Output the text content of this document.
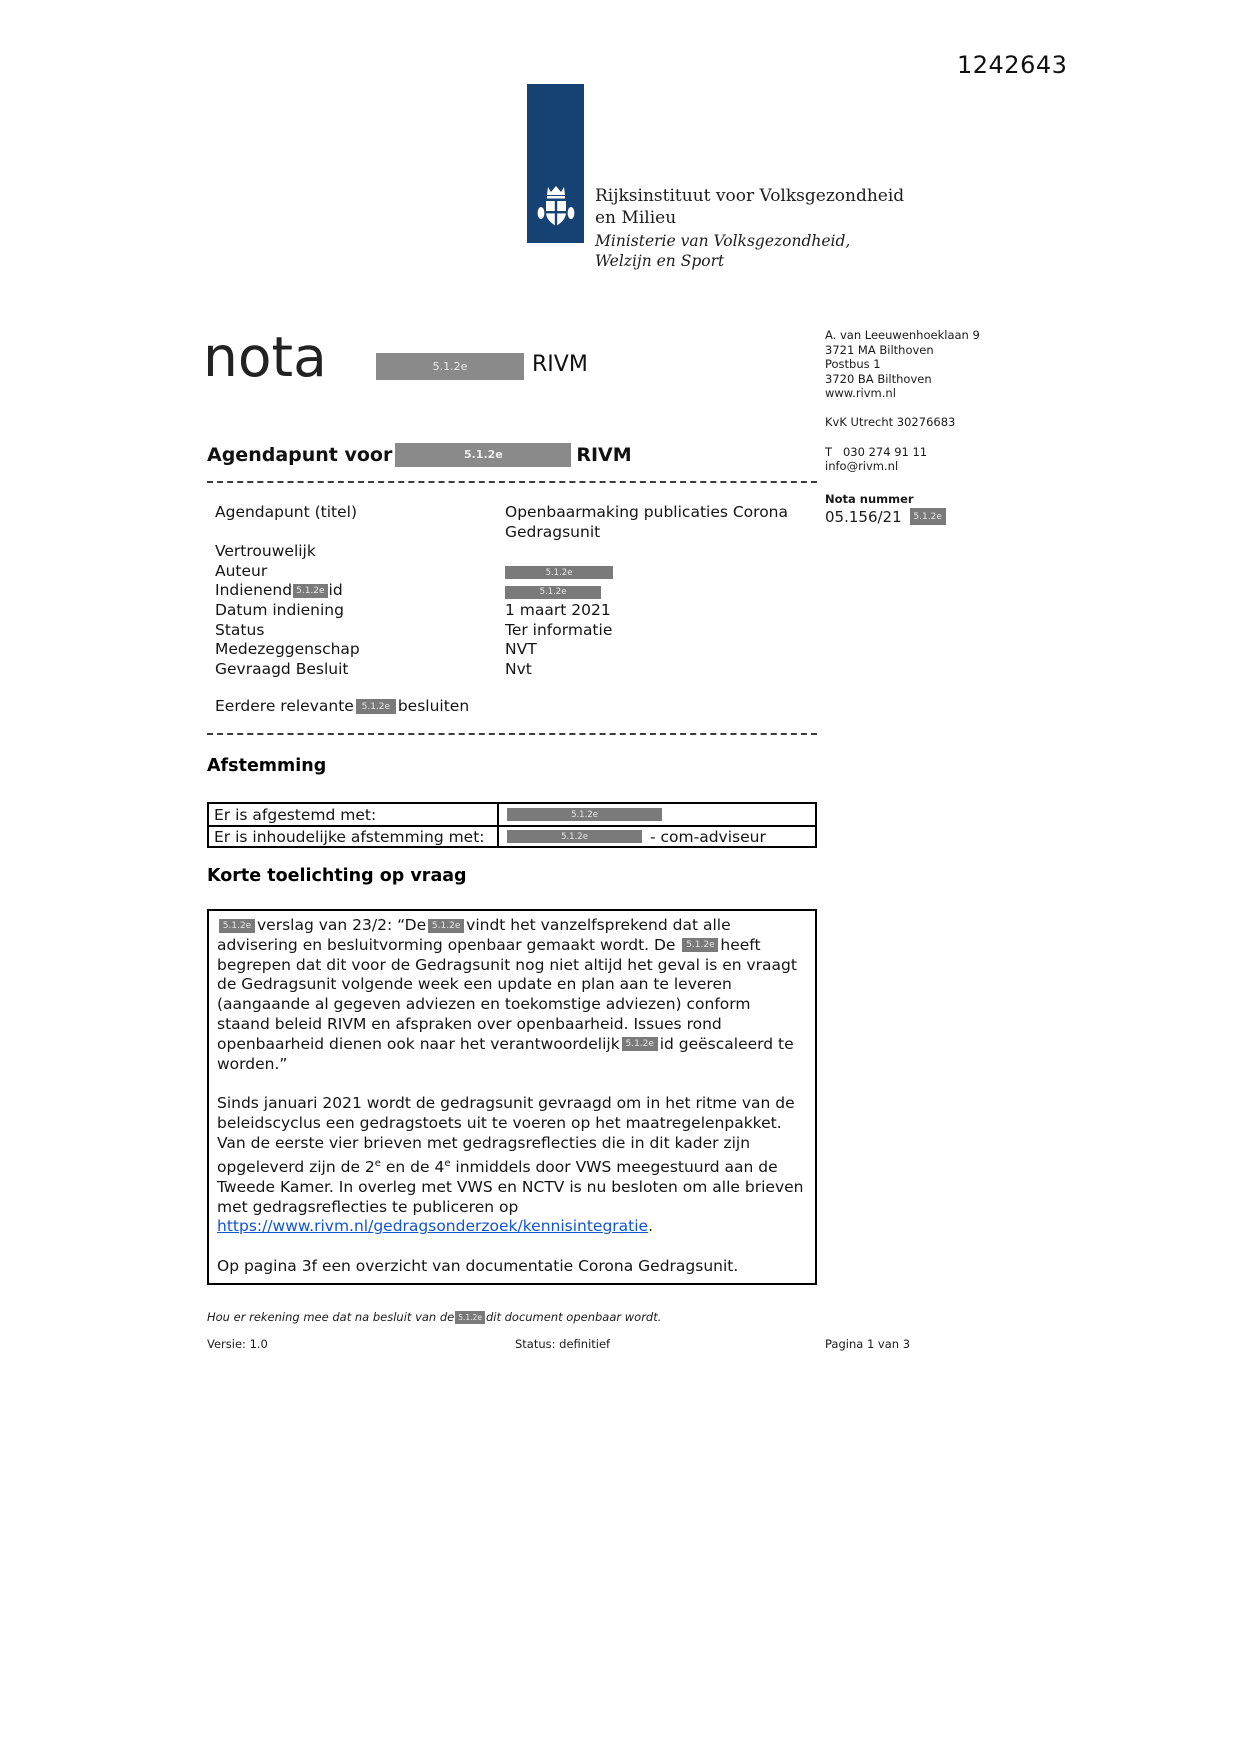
1242643
Rijksinstituut voor Volksgezondheid
en Milieu
Ministerie van Volksgezondheid,
Welzijn en Sport
nota	5.1.2e	RIVM
A. van Leeuwenhoeklaan 9
3721 MA Bilthoven
Postbus 1
3720 BA Bilthoven
www.rivm.nl
KvK Utrecht 30276683
T   030 274 91 11
info@rivm.nl
Nota nummer
05.156/21	5.1.2e
Agendapunt voor	5.1.2e	RIVM
Agendapunt (titel)	Openbaarmaking publicaties Corona Gedragsunit
Vertrouwelijk
Auteur	5.1.2e
Indienend 5.1.2e id	5.1.2e
Datum indiening	1 maart 2021
Status	Ter informatie
Medezeggenschap	NVT
Gevraagd Besluit	Nvt
Eerdere relevante 5.1.2e besluiten
Afstemming
Er is afgestemd met:	5.1.2e
Er is inhoudelijke afstemming met:	5.1.2e	- com-adviseur
Korte toelichting op vraag

5.1.2e verslag van 23/2: “De 5.1.2e vindt het vanzelfsprekend dat alle advisering en besluitvorming openbaar gemaakt wordt. De 5.1.2e heeft begrepen dat dit voor de Gedragsunit nog niet altijd het geval is en vraagt de Gedragsunit volgende week een update en plan aan te leveren (aangaande al gegeven adviezen en toekomstige adviezen) conform staand beleid RIVM en afspraken over openbaarheid. Issues rond openbaarheid dienen ook naar het verantwoordelijk 5.1.2e id geëscaleerd te worden.”

Sinds januari 2021 wordt de gedragsunit gevraagd om in het ritme van de beleidscyclus een gedragstoets uit te voeren op het maatregelenpakket. Van de eerste vier brieven met gedragsreflecties die in dit kader zijn opgeleverd zijn de 2e en de 4e inmiddels door VWS meegestuurd aan de Tweede Kamer. In overleg met VWS en NCTV is nu besloten om alle brieven met gedragsreflecties te publiceren op https://www.rivm.nl/gedragsonderzoek/kennisintegratie.

Op pagina 3f een overzicht van documentatie Corona Gedragsunit.

Hou er rekening mee dat na besluit van de 5.1.2e dit document openbaar wordt.
Versie: 1.0	Status: definitief	Pagina 1 van 3
